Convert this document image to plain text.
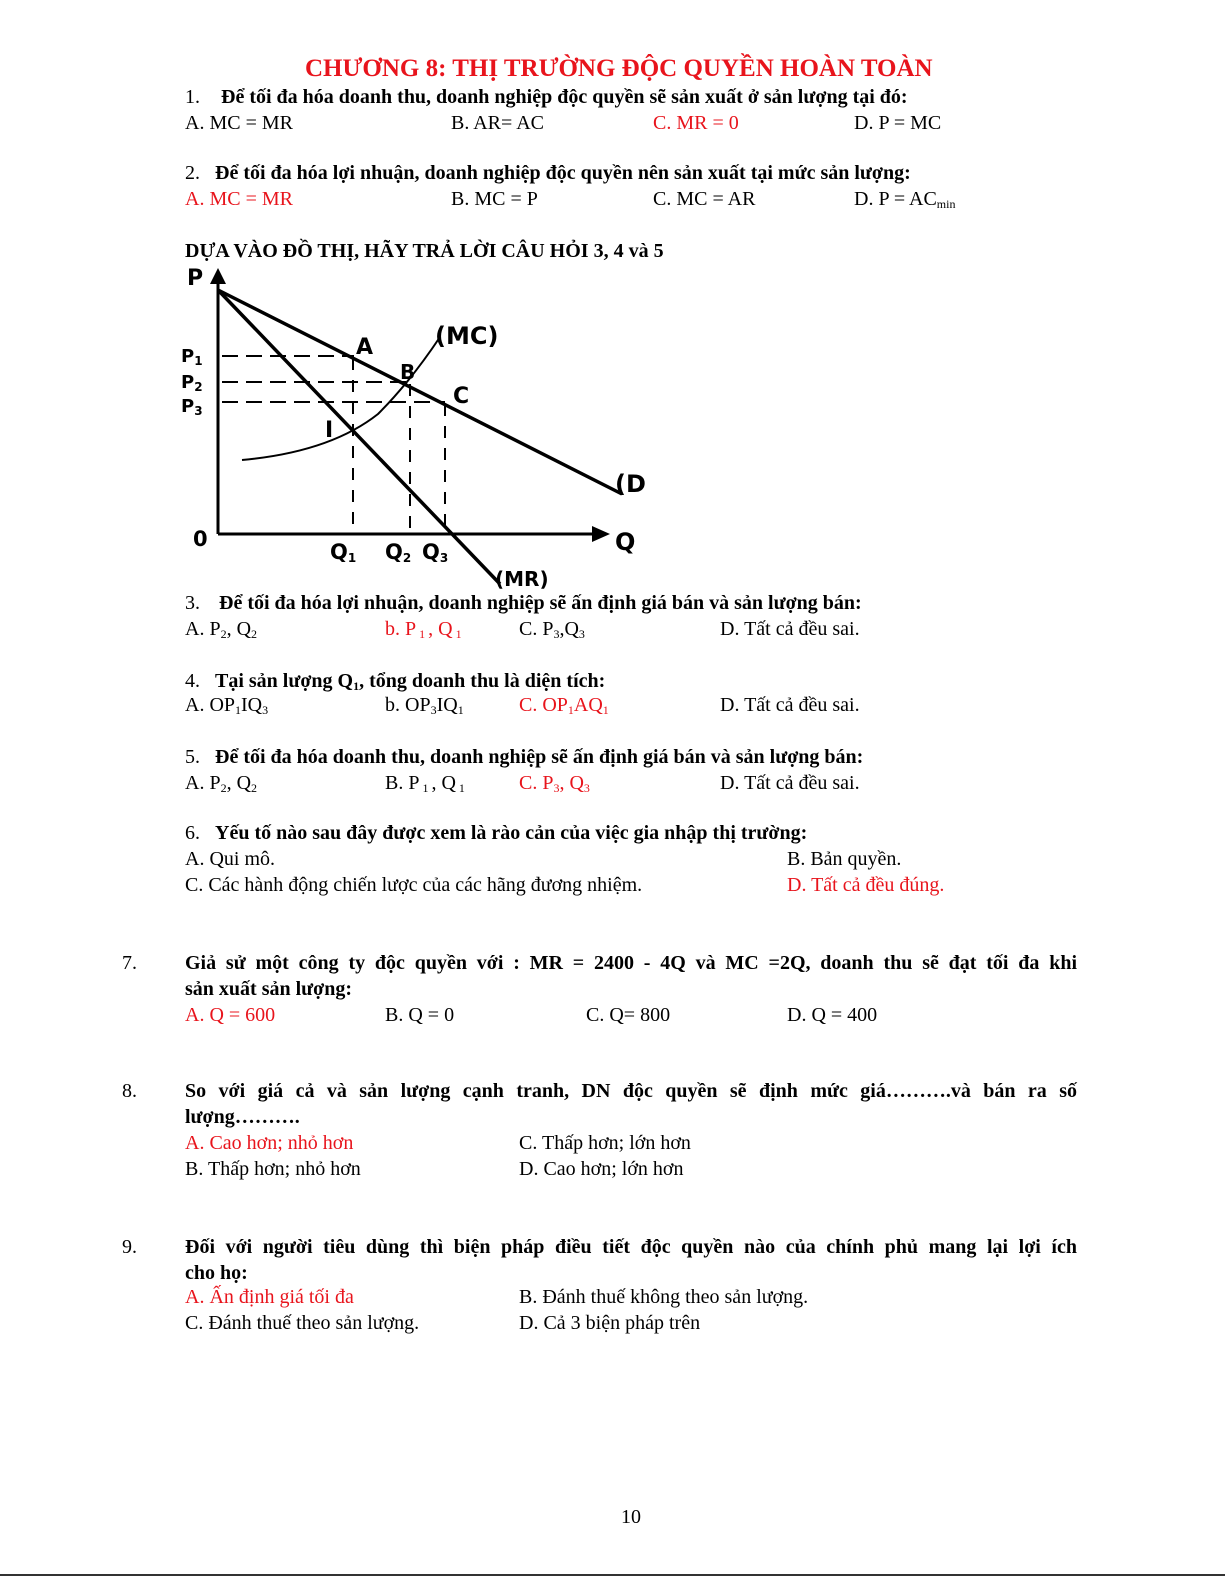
CHƯƠNG 8: THỊ TRƯỜNG ĐỘC QUYỀN HOÀN TOÀN
1. Để tối đa hóa doanh thu, doanh nghiệp độc quyền sẽ sản xuất ở sản lượng tại đó:
A. MC = MR	B. AR= AC	C. MR = 0	D. P = MC
2. Để tối đa hóa lợi nhuận, doanh nghiệp độc quyền nên sản xuất tại mức sản lượng:
A. MC = MR	B. MC = P	C. MC = AR	D. $P = AC_{min}$
DỰA VÀO ĐỒ THỊ, HÃY TRẢ LỜI CÂU HỎI 3, 4 và 5
P
0	Q
$P_1$
$P_2$
$P_3$
$Q_1$ $Q_2$ $Q_3$
A
B
C
I
(MC)
(D
(MR)
3. Để tối đa hóa lợi nhuận, doanh nghiệp sẽ ấn định giá bán và sản lượng bán:
A. $P_2$, $Q_2$	b. P $_1$ , Q $_1$	C. $P_3,Q_3$	D. Tất cả đều sai.
4. Tại sản lượng $Q_1$, tổng doanh thu là diện tích:
A. $OP_1IQ_3$	b. $OP_3IQ_1$	C. $OP_1AQ_1$	D. Tất cả đều sai.
5. Để tối đa hóa doanh thu, doanh nghiệp sẽ ấn định giá bán và sản lượng bán:
A. $P_2$, $Q_2$	B. P $_1$ , Q $_1$	C. $P_3$, $Q_3$	D. Tất cả đều sai.
6. Yếu tố nào sau đây được xem là rào cản của việc gia nhập thị trường:
A. Qui mô.	B. Bản quyền.
C. Các hành động chiến lược của các hãng đương nhiệm.	D. Tất cả đều đúng.
7. Giả sử một công ty độc quyền với : MR = 2400 - 4Q và MC =2Q, doanh thu sẽ đạt tối đa khi
sản xuất sản lượng:
A. Q = 600	B. Q = 0	C. Q= 800	D. Q = 400
8. So với giá cả và sản lượng cạnh tranh, DN độc quyền sẽ định mức giá……….và bán ra số
lượng……….
A. Cao hơn; nhỏ hơn	C. Thấp hơn; lớn hơn
B. Thấp hơn; nhỏ hơn	D. Cao hơn; lớn hơn
9. Đối với người tiêu dùng thì biện pháp điều tiết độc quyền nào của chính phủ mang lại lợi ích
cho họ:
A. Ấn định giá tối đa	B. Đánh thuế không theo sản lượng.
C. Đánh thuế theo sản lượng.	D. Cả 3 biện pháp trên
10
